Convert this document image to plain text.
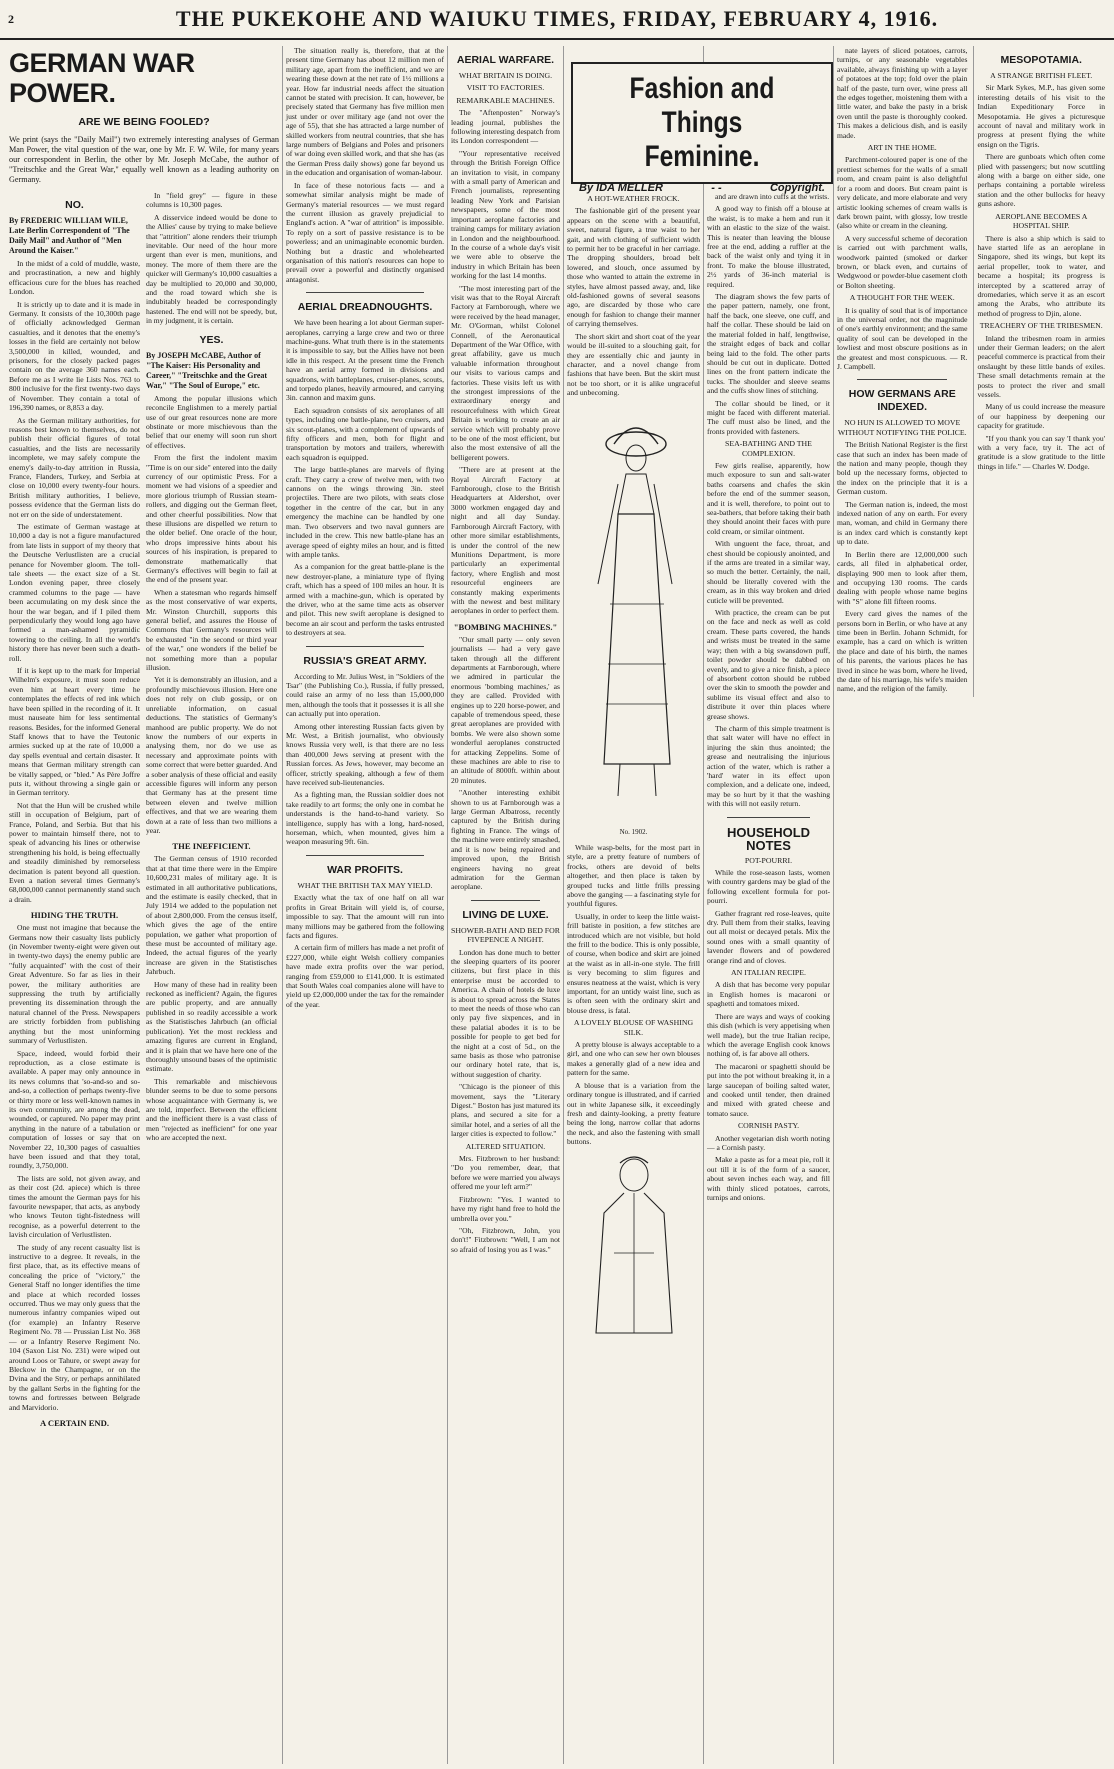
2	THE PUKEKOHE AND WAIUKU TIMES, FRIDAY, FEBRUARY 4, 1916.
GERMAN WAR POWER.
ARE WE BEING FOOLED?
We print (says the "Daily Mail") two extremely interesting analyses of German Man Power, the vital question of the war, one by Mr. F. W. Wile, for many years our correspondent in Berlin, the other by Mr. Joseph McCabe, the author of "Treitschke and the Great War," equally well known as a leading authority on Germany.
NO.
By FREDERIC WILLIAM WILE, Late Berlin Correspondent of "The Daily Mail" and Author of "Men Around the Kaiser."

In the midst of a cold of muddle, waste, and procrastination, a new and highly efficacious cure for the blues has reached London.

It is strictly up to date and it is made in Germany. It consists of the 10,300th page of officially acknowledged German casualties, and it denotes that the enemy's losses in the field are certainly not below 3,500,000 in killed, wounded, and prisoners, for the closely packed pages contain on the average 360 names each. Before me as I write lie Lists Nos. 763 to 800 inclusive for the first twenty-two days of November. They contain a total of 196,390 names, or 8,853 a day.

As the German military authorities, for reasons best known to themselves, do not publish their official figures of total casualties, and the lists are necessarily incomplete, we may safely compute the enemy's daily-to-day attrition in Russia, France, Flanders, Turkey, and Serbia at close on 10,000 every twenty-four hours. British military authorities, I believe, possess evidence that the German lists do not err on the side of understatement.

The estimate of German wastage at 10,000 a day is not a figure manufactured from late lists in support of my theory that the Deutsche Verlustlisten are a crucial penance for November gloom. The toll-tale sheets — the exact size of a St. London evening paper, three closely crammed columns to the page — have been accumulating on my desk since the hour the war began, and if I piled them perpendicularly they would long ago have formed a man-ashamed pyramidic towering to the ceiling. In all the world's history there has never been such a death-roll.

If it is kept up to the mark for Imperial Wilhelm's exposure, it must soon reduce even him at heart every time he contemplates the effects of red ink which have been spilled in the recording of it. It must nauseate him for less sentimental reasons. Besides, for the informed General Staff knows that to have the Teutonic armies sucked up at the rate of 10,000 a day spells eventual and certain disaster. It means that German military strength can be vitally sapped, or "bled." As Père Joffre puts it, without throwing a single gain or in German territory.

Not that the Hun will be crushed while still in occupation of Belgium, part of France, Poland, and Serbia. But that his power to maintain himself there, not to speak of advancing his lines or otherwise strengthening his hold, is being effectually and steadily diminished by remorseless decimation is patent beyond all question. Even a nation several times Germany's 68,000,000 cannot permanently stand such a drain.

HIDING THE TRUTH.

One must not imagine that because the Germans now their casualty lists publicly (in November twenty-eight were given out in twenty-two days) the enemy public are "fully acquainted" with the cost of their Great Adventure. So far as lies in their power, the military authorities are suppressing the truth by artificially preventing its dissemination through the natural channel of the Press. Newspapers are strictly forbidden from publishing anything but the most uninforming summary of Verlustlisten.

Space, indeed, would forbid their reproduction, as a close estimate is available. A paper may only announce in its news columns that 'so-and-so and so-and-so, a collection of perhaps twenty-five or thirty more or less well-known names in its own community, are among the dead, wounded, or captured. No paper may print anything in the nature of a tabulation or computation of losses or say that on November 22, 10,300 pages of casualties have been issued and that they total, roundly, 3,750,000.

The lists are sold, not given away, and as their cost (2d. apiece) which is three times the amount the German pays for his favourite newspaper, that acts, as anybody who knows Teuton tight-fistedness will recognise, as a powerful deterrent to the lavish circulation of Verlustlisten.

The study of any recent casualty list is instructive to a degree. It reveals, in the first place, that, as its effective means of concealing the price of "victory," the General Staff no longer identifies the time and place at which recorded losses occurred. Thus we may only guess that the numerous infantry companies wiped out (for example) an Infantry Reserve Regiment No. 78 — Prussian List No. 368 — or a Infantry Reserve Regiment No. 104 (Saxon List No. 231) were wiped out around Loos or Tahure, or swept away for Bleckow in the Champagne, or on the Dvina and the Stry, or perhaps annihilated by the gallant Serbs in the fighting for the towns and fortresses between Belgrade and Marvidorio.

A CERTAIN END.

In "field grey" — figure in these columns is 10,300 pages.

A disservice indeed would be done to the Allies' cause by trying to make believe that "attrition" alone renders their triumph inevitable. Our need of the hour more urgent than ever is men, munitions, and money. The more of them there are the quicker will Germany's 10,000 casualties a day be multiplied to 20,000 and 30,000, and the road toward which she is indubitably headed be correspondingly hastened. The end will not be speedy, but, in my judgment, it is certain.

YES.
By JOSEPH McCABE, Author of "The Kaiser: His Personality and Career," "Treitschke and the Great War," "The Soul of Europe," etc.

Among the popular illusions which reconcile Englishmen to a merely partial use of our great resources none are more obstinate or more mischievous than the belief that our enemy will soon run short of effectives.

From the first the indolent maxim "Time is on our side" entered into the daily currency of our optimistic Press. For a moment we had visions of a speedier and more glorious triumph of Russian steam-rollers, and digging out the German fleet, and other cheerful possibilities. Now that these illusions are dispelled we return to the older belief. One oracle of the hour, who drops impressive hints about his sources of his inspiration, is prepared to demonstrate mathematically that Germany's effectives will begin to fail at the end of the present year.

When a statesman who regards himself as the most conservative of war experts, Mr. Winston Churchill, supports this general belief, and assures the House of Commons that Germany's resources will be exhausted "in the second or third year of the war," one wonders if the belief be not something more than a popular illusion.

Yet it is demonstrably an illusion, and a profoundly mischievous illusion. Here one does not rely on club gossip, or on unreliable information, on casual deductions. The statistics of Germany's manhood are public property. We do not know the numbers of our experts in analysing them, nor do we use as necessary and approximate points with some correct that were better guarded. And a sober analysis of these official and easily accessible figures will inform any person that Germany has at the present time between eleven and twelve million effectives, and that we are wearing them down at a rate of less than two millions a year.

THE INEFFICIENT.

The German census of 1910 recorded that at that time there were in the Empire 10,600,231 males of military age. It is estimated in all authoritative publications, and the estimate is easily checked, that in July 1914 we added to the population net of about 2,800,000. From the census itself, which gives the age of the entire population, we gather what proportion of these must be accounted of military age. Indeed, the actual figures of the yearly increase are given in the Statistisches Jahrbuch.

How many of these had in reality been reckoned as inefficient? Again, the figures are public property, and are annually published in so readily accessible a work as the Statistisches Jahrbuch (an official publication). Yet the most reckless and amazing figures are current in England, and it is plain that we have here one of the thoroughly unsound bases of the optimistic estimate.

This remarkable and mischievous blunder seems to be due to some persons whose acquaintance with Germany is, we are told, imperfect. Between the efficient and the inefficient there is a vast class of men "rejected as inefficient" for one year who are accepted the next.

The situation really is, therefore, that at the present time Germany has about 12 million men of military age, apart from the inefficient, and we are wearing these down at the net rate of 1½ millions a year. How far industrial needs affect the situation cannot be stated with precision. It can, however, be precisely stated that Germany has five million men just under or over military age (and not over the age of 55), that she has attracted a large number of skilled workers from neutral countries, that she has large numbers of Belgians and Poles and prisoners of war doing even skilled work, and that she has (as the German Press daily shows) gone far beyond us in the education and organisation of woman-labour.

In face of these notorious facts — and a somewhat similar analysis might be made of Germany's material resources — we must regard the current illusion as gravely prejudicial to England's action. A "war of attrition" is impossible. To reply on a sort of passive resistance is to be powerless; and an unimaginable economic burden. Nothing but a drastic and wholehearted organisation of this nation's resources can hope to prevail over a powerful and distinctly organised antagonist.

AERIAL DREADNOUGHTS.

We have been hearing a lot about German super-aeroplanes, carrying a large crew and two or three machine-guns. What truth there is in the statements it is impossible to say, but the Allies have not been idle in this respect. At the present time the French have an aerial army formed in divisions and squadrons, with battleplanes, cruiser-planes, scouts, and torpedo planes, heavily armoured, and carrying 3in. cannon and maxim guns.

Each squadron consists of six aeroplanes of all types, including one battle-plane, two cruisers, and six scout-planes, with a complement of upwards of fifty officers and men, both for flight and transportation by motors and trailers, wherewith each squadron is equipped.

The large battle-planes are marvels of flying craft. They carry a crew of twelve men, with two cannons on the wings throwing 3in. steel projectiles. There are two pilots, with seats close together in the centre of the car, but in any emergency the machine can be handled by one man. Two observers and two naval gunners are included in the crew. This new battle-plane has an average speed of eighty miles an hour, and is fitted with ample tanks.

As a companion for the great battle-plane is the new destroyer-plane, a miniature type of flying craft, which has a speed of 100 miles an hour. It is armed with a machine-gun, which is operated by the driver, who at the same time acts as observer and pilot. This new swift aeroplane is designed to become an air scout and perform the tasks entrusted to destroyers at sea.

RUSSIA'S GREAT ARMY.

According to Mr. Julius West, in "Soldiers of the Tsar" (the Publishing Co.), Russia, if fully pressed, could raise an army of no less than 15,000,000 men, although the tools that it possesses it is all she can actually put into operation.

Among other interesting Russian facts given by Mr. West, a British journalist, who obviously knows Russia very well, is that there are no less than 400,000 Jews serving at present with the Russian forces. As Jews, however, may become an officer, strictly speaking, although a few of them have received sub-lieutenancies.

As a fighting man, the Russian soldier does not take readily to art forms; the only one in combat he understands is the hand-to-hand variety. So intelligence, supply has with a long, hard-nosed, horseman, which, when mounted, gives him a weapon measuring 9ft. 6in.

WAR PROFITS.
WHAT THE BRITISH TAX MAY YIELD.

Exactly what the tax of one half on all war profits in Great Britain will yield is, of course, impossible to say. That the amount will run into many millions may be gathered from the following facts and figures.

A certain firm of millers has made a net profit of £227,000, while eight Welsh colliery companies have made extra profits over the war period, ranging from £59,000 to £141,000. It is estimated that South Wales coal companies alone will have to yield up £2,000,000 under the tax for the remainder of the year.

AERIAL WARFARE.
WHAT BRITAIN IS DOING.
VISIT TO FACTORIES.
REMARKABLE MACHINES.

The "Aftenposten" Norway's leading journal, publishes the following interesting despatch from its London correspondent —

"Your representative received through the British Foreign Office an invitation to visit, in company with a small party of American and French journalists, representing leading New York and Parisian newspapers, some of the most important aeroplane factories and training camps for military aviation in London and the neighbourhood. In the course of a whole day's visit we were able to observe the industry in which Britain has been working for the last 14 months.

"The most interesting part of the visit was that to the Royal Aircraft Factory at Farnborough, where we were received by the head manager, Mr. O'Gorman, whilst Colonel Connell, of the Aeronautical Department of the War Office, with great affability, gave us much valuable information throughout our visits to various camps and factories. These visits left us with the strongest impressions of the extraordinary energy and resourcefulness with which Great Britain is working to create an air service which will probably prove to be one of the most efficient, but also the most extensive of all the belligerent powers.

"There are at present at the Royal Aircraft Factory at Farnborough, close to the British Headquarters at Aldershot, over 3000 workmen engaged day and night and all day Sunday. Farnborough Aircraft Factory, with other more similar establishments, is under the control of the new Munitions Department, is more particularly an experimental factory, where English and most resourceful engineers are constantly making experiments with the newest and best military aeroplanes in order to perfect them.

"BOMBING MACHINES."

"Our small party — only seven journalists — had a very gave taken through all the different departments at Farnborough, where we admired in particular the enormous 'bombing machines,' as they are called. Provided with engines up to 220 horse-power, and capable of tremendous speed, these great aeroplanes are provided with bombs. We were also shown some wonderful aeroplanes constructed for attacking Zeppelins. Some of these machines are able to rise to an altitude of 8000ft. within about 20 minutes.

"Another interesting exhibit shown to us at Farnborough was a large German Albatross, recently captured by the British during fighting in France. The wings of the machine were entirely smashed, and it is now being repaired and improved upon, the British engineers having no great admiration for the German aeroplane.

LIVING DE LUXE.
SHOWER-BATH AND BED FOR FIVEPENCE A NIGHT.

London has done much to better the sleeping quarters of its poorer citizens, but first place in this enterprise must be accorded to America. A chain of hotels de luxe is about to spread across the States to meet the needs of those who can only pay five sixpences, and in these palatial abodes it is to be possible for people to get bed for the night at a cost of 5d., on the same basis as those who patronise our ordinary hotel rate, that is, without suggestion of charity.

"Chicago is the pioneer of this movement, says the "Literary Digest." Boston has just matured its plans, and secured a site for a similar hotel, and a series of all the larger cities is expected to follow."

ALTERED SITUATION.

Mrs. Fitzbrown to her husband: "Do you remember, dear, that before we were married you always offered me your left arm?"

Fitzbrown: "Yes. I wanted to have my right hand free to hold the umbrella over you."

"Oh, Fitzbrown, John, you don't!" Fitzbrown: "Well, I am not so afraid of losing you as I was."

Fashion and Things
Feminine.
By IDA MELLER	- -	Copyright.
A HOT-WEATHER FROCK.

The fashionable girl of the present year appears on the scene with a beautiful, sweet, natural figure, a true waist to her gait, and with clothing of sufficient width to permit her to be graceful in her carriage. The dropping shoulders, broad belt lowered, and slouch, once assumed by those who wanted to attain the extreme in styles, have almost passed away, and, like old-fashioned gowns of several seasons ago, are discarded by those who care enough for fashion to change their manner of carrying themselves.

The short skirt and short coat of the year would be ill-suited to a slouching gait, for they are essentially chic and jaunty in character, and a novel change from fashions that have been. But the skirt must not be too short, or it is alike ungraceful and unbecoming.

No. 1902.

While wasp-belts, for the most part in style, are a pretty feature of numbers of frocks, others are devoid of belts altogether, and then place is taken by grouped tucks and little frills pressing above the ganging — a fascinating style for youthful figures.

Usually, in order to keep the little waist-frill batiste in position, a few stitches are introduced which are not visible, but hold the frill to the bodice. This is only possible, of course, when bodice and skirt are joined at the waist as in all-in-one style. The frill is very becoming to slim figures and ensures neatness at the waist, which is very important, for an untidy waist line, such as is often seen with the ordinary skirt and blouse dress, is fatal.

A LOVELY BLOUSE OF WASHING SILK.

A pretty blouse is always acceptable to a girl, and one who can sew her own blouses makes a generally glad of a new idea and pattern for the same.

A blouse that is a variation from the ordinary tongue is illustrated, and if carried out in white Japanese silk, it exceedingly fresh and dainty-looking, a pretty feature being the long, narrow collar that adorns the neck, and also the fastening with small buttons.

and are drawn into cuffs at the wrists.

A good way to finish off a blouse at the waist, is to make a hem and run it with an elastic to the size of the waist. This is neater than leaving the blouse free at the end, adding a ruffler at the back of the waist only and tying it in front. To make the blouse illustrated, 2½ yards of 36-inch material is required.

The diagram shows the few parts of the paper pattern, namely, one front, half the back, one sleeve, one cuff, and half the collar. These should be laid on the material folded in half, lengthwise, the straight edges of back and collar being laid to the fold. The other parts should be cut out in duplicate. Dotted lines on the front pattern indicate the tucks. The shoulder and sleeve seams and the cuffs show lines of stitching.

The collar should be lined, or it might be faced with different material. The cuff must also be lined, and the fronts provided with fasteners.

SEA-BATHING AND THE COMPLEXION.

Few girls realise, apparently, how much exposure to sun and salt-water baths coarsens and chafes the skin before the end of the summer season, and it is well, therefore, to point out to sea-bathers, that before taking their bath they should anoint their faces with pure cold cream, or similar ointment.

With unguent the face, throat, and chest should be copiously anointed, and if the arms are treated in a similar way, so much the better. Certainly, the nail, should be literally covered with the cream, as in this way broken and dried cuticle will be prevented.

With practice, the cream can be put on the face and neck as well as cold cream. These parts covered, the hands and wrists must be treated in the same way; then with a big swansdown puff, toilet powder should be dabbed on evenly, and to give a nice finish, a piece of absorbent cotton should be rubbed over the skin to smooth the powder and sublime its visual effect and also to distribute it over thin places where grease shows.

The charm of this simple treatment is that salt water will have no effect in injuring the skin thus anointed; the grease and neutralising the injurious action of the water, which is rather a 'hard' water in its effect upon complexion, and a delicate one, indeed, may be so hurt by it that the washing with this will not easily return.

HOUSEHOLD NOTES
POT-POURRI.

While the rose-season lasts, women with country gardens may be glad of the following excellent formula for pot-pourri.

Gather fragrant red rose-leaves, quite dry. Pull them from their stalks, leaving out all moist or decayed petals. Mix the sound ones with a small quantity of lavender flowers and of powdered orange rind and of cloves.

AN ITALIAN RECIPE.

A dish that has become very popular in English homes is macaroni or spaghetti and tomatoes mixed.

There are ways and ways of cooking this dish (which is very appetising when well made), but the true Italian recipe, which the average English cook knows nothing of, is far above all others.

The macaroni or spaghetti should be put into the pot without breaking it, in a large saucepan of boiling salted water, and cooked until tender, then drained and mixed with grated cheese and tomato sauce.

CORNISH PASTY.

Another vegetarian dish worth noting — a Cornish pasty.

Make a paste as for a meat pie, roll it out till it is of the form of a saucer, about seven inches each way, and fill with thinly sliced potatoes, carrots, turnips and onions.

nate layers of sliced potatoes, carrots, turnips, or any seasonable vegetables available, always finishing up with a layer of potatoes at the top; fold over the plain half of the paste, turn over, wine press all the edges together, moistening them with a little water, and bake the pasty in a brisk oven until the paste is thoroughly cooked. This makes a delicious dish, and is easily made.

ART IN THE HOME.

Parchment-coloured paper is one of the prettiest schemes for the walls of a small room, and cream paint is also delightful for a room and doors. But cream paint is very delicate, and more elaborate and very artistic looking schemes of cream walls is dark brown paint, with glossy, low trestle (also white or cream in the cleaning.

A very successful scheme of decoration is carried out with parchment walls, woodwork painted (smoked or darker brown, or black even, and curtains of Wedgwood or powder-blue casement cloth or Bolton sheeting.

A THOUGHT FOR THE WEEK.

It is quality of soul that is of importance in the universal order, not the magnitude of one's earthly environment; and the same quality of soul can be developed in the lowliest and most obscure positions as in the greatest and most conspicuous. — R. J. Campbell.

HOW GERMANS ARE INDEXED.
NO HUN IS ALLOWED TO MOVE WITHOUT NOTIFYING THE POLICE.

The British National Register is the first case that such an index has been made of the nation and many people, though they bold up the necessary forms, objected to the index on the principle that it is a German custom.

The German nation is, indeed, the most indexed nation of any on earth. For every man, woman, and child in Germany there is an index card which is constantly kept up to date.

In Berlin there are 12,000,000 such cards, all filed in alphabetical order, displaying 900 men to look after them, and occupying 130 rooms. The cards dealing with people whose name begins with "S" alone fill fifteen rooms.

Every card gives the names of the persons born in Berlin, or who have at any time been in Berlin. Johann Schmidt, for example, has a card on which is written the place and date of his birth, the names of his parents, the various places he has lived in since he was born, where he lived, the date of his marriage, his wife's maiden name, and the religion of the family.

MESOPOTAMIA.
A STRANGE BRITISH FLEET.

Sir Mark Sykes, M.P., has given some interesting details of his visit to the Indian Expeditionary Force in Mesopotamia. He gives a picturesque account of naval and military work in progress at present flying the white ensign on the Tigris.

There are gunboats which often come plied with passengers; but now scuttling along with a barge on either side, one perhaps containing a portable wireless station and the other bullocks for heavy guns ashore.

AEROPLANE BECOMES A HOSPITAL SHIP.

There is also a ship which is said to have started life as an aeroplane in Singapore, shed its wings, but kept its aerial propeller, took to water, and became a hospital; its progress is intercepted by a scattered array of dromedaries, which serve it as an escort among the Arabs, who attribute its method of progress to Djin, alone.

TREACHERY OF THE TRIBESMEN.

Inland the tribesmen roam in armies under their German leaders; on the alert peaceful commerce is practical from their onslaught by these little bands of exiles. These small detachments remain at the posts to protect the river and small vessels.

Many of us could increase the measure of our happiness by deepening our capacity for gratitude.

"If you thank you can say 'I thank you' with a very face, try it. The act of gratitude is a slow gratitude to the little things in life." — Charles W. Dodge.
